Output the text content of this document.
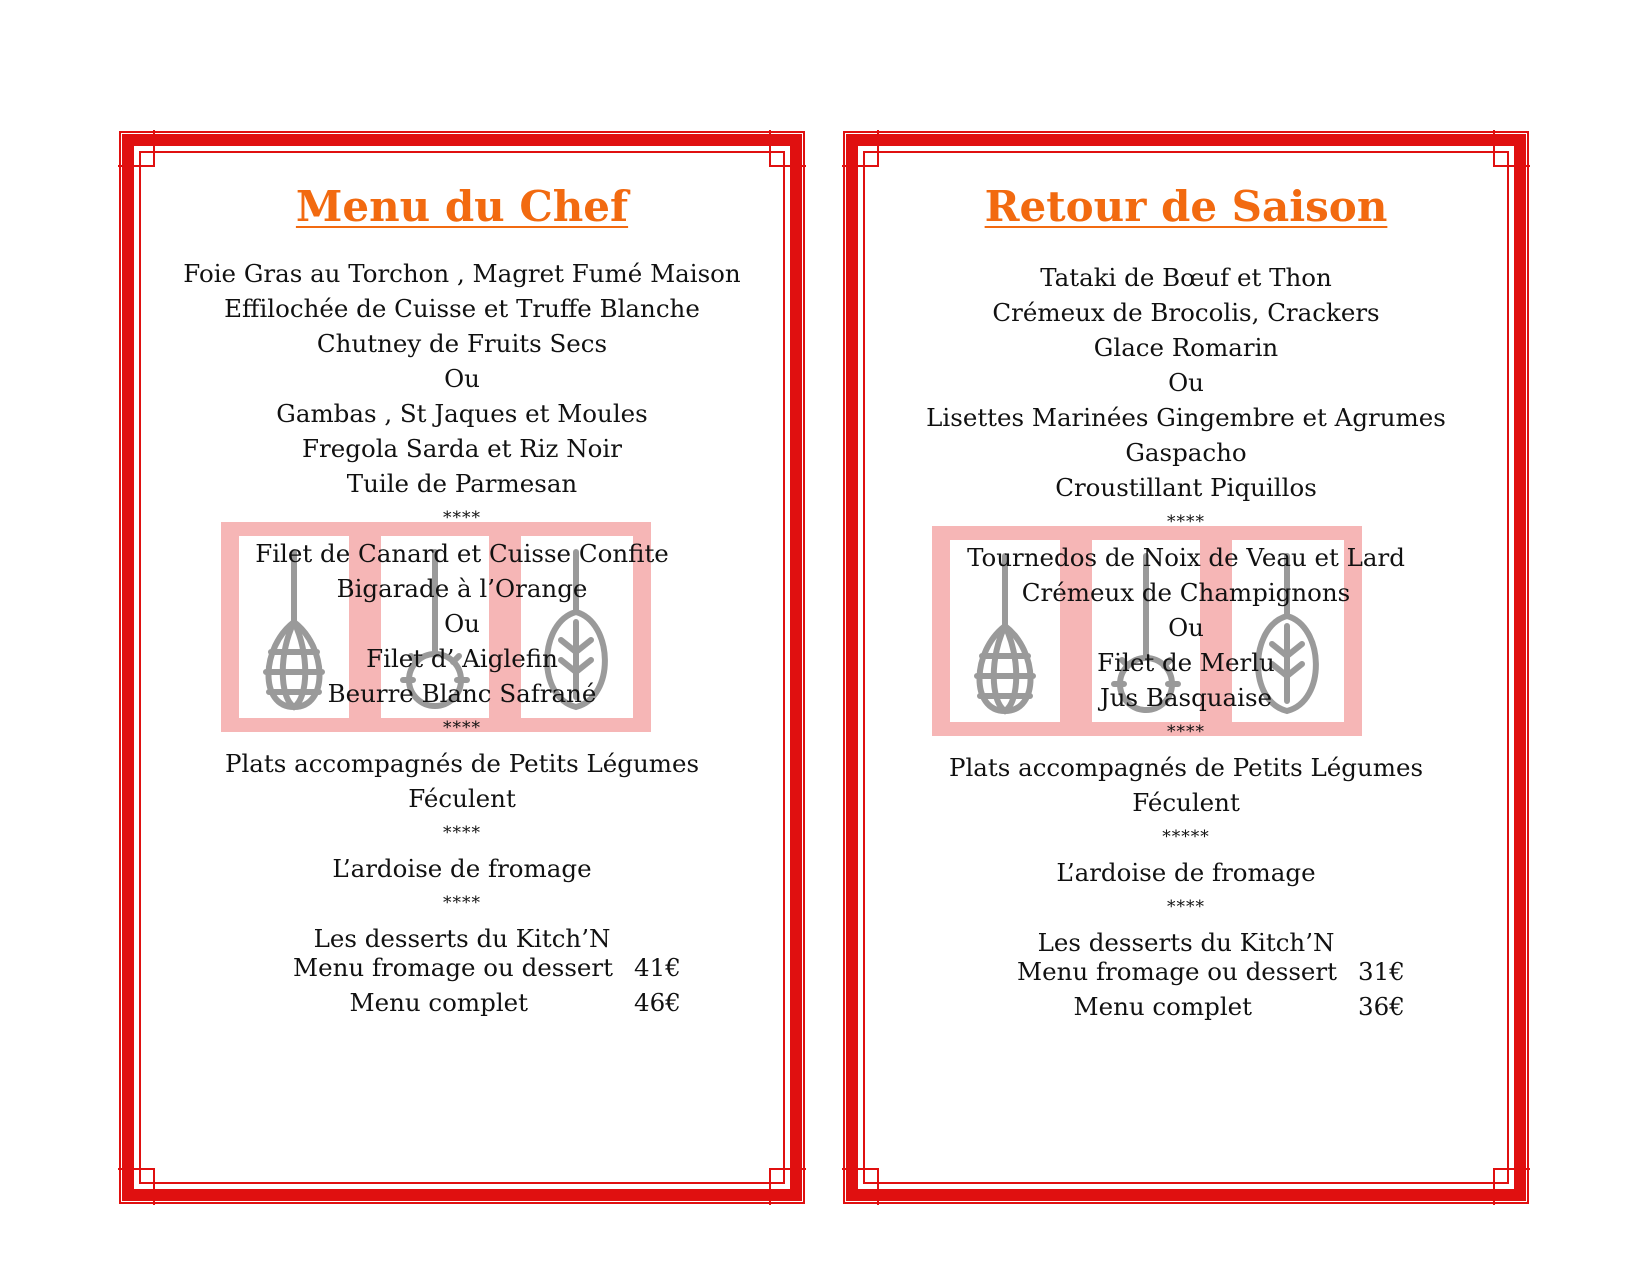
Menu du Chef
Foie Gras au Torchon , Magret Fumé Maison
Effilochée de Cuisse et Truffe Blanche
Chutney de Fruits Secs
Ou
Gambas , St Jaques et Moules
Fregola Sarda et Riz Noir
Tuile de Parmesan
****
Filet de Canard et Cuisse Confite
Bigarade à l’Orange
Ou
Filet d’ Aiglefin
Beurre Blanc Safrané
****
Plats accompagnés de Petits Légumes
Féculent
****
L’ardoise de fromage
****
Les desserts du Kitch’N
Menu fromage ou dessert 41€
Menu complet	46€
Retour de Saison
Tataki de Bœuf et Thon
Crémeux de Brocolis, Crackers
Glace Romarin
Ou
Lisettes Marinées Gingembre et Agrumes
Gaspacho
Croustillant Piquillos
****
Tournedos de Noix de Veau et Lard
Crémeux de Champignons
Ou
Filet de Merlu
Jus Basquaise
****
Plats accompagnés de Petits Légumes
Féculent
*****
L’ardoise de fromage
****
Les desserts du Kitch’N
Menu fromage ou dessert 31€
Menu complet	36€
